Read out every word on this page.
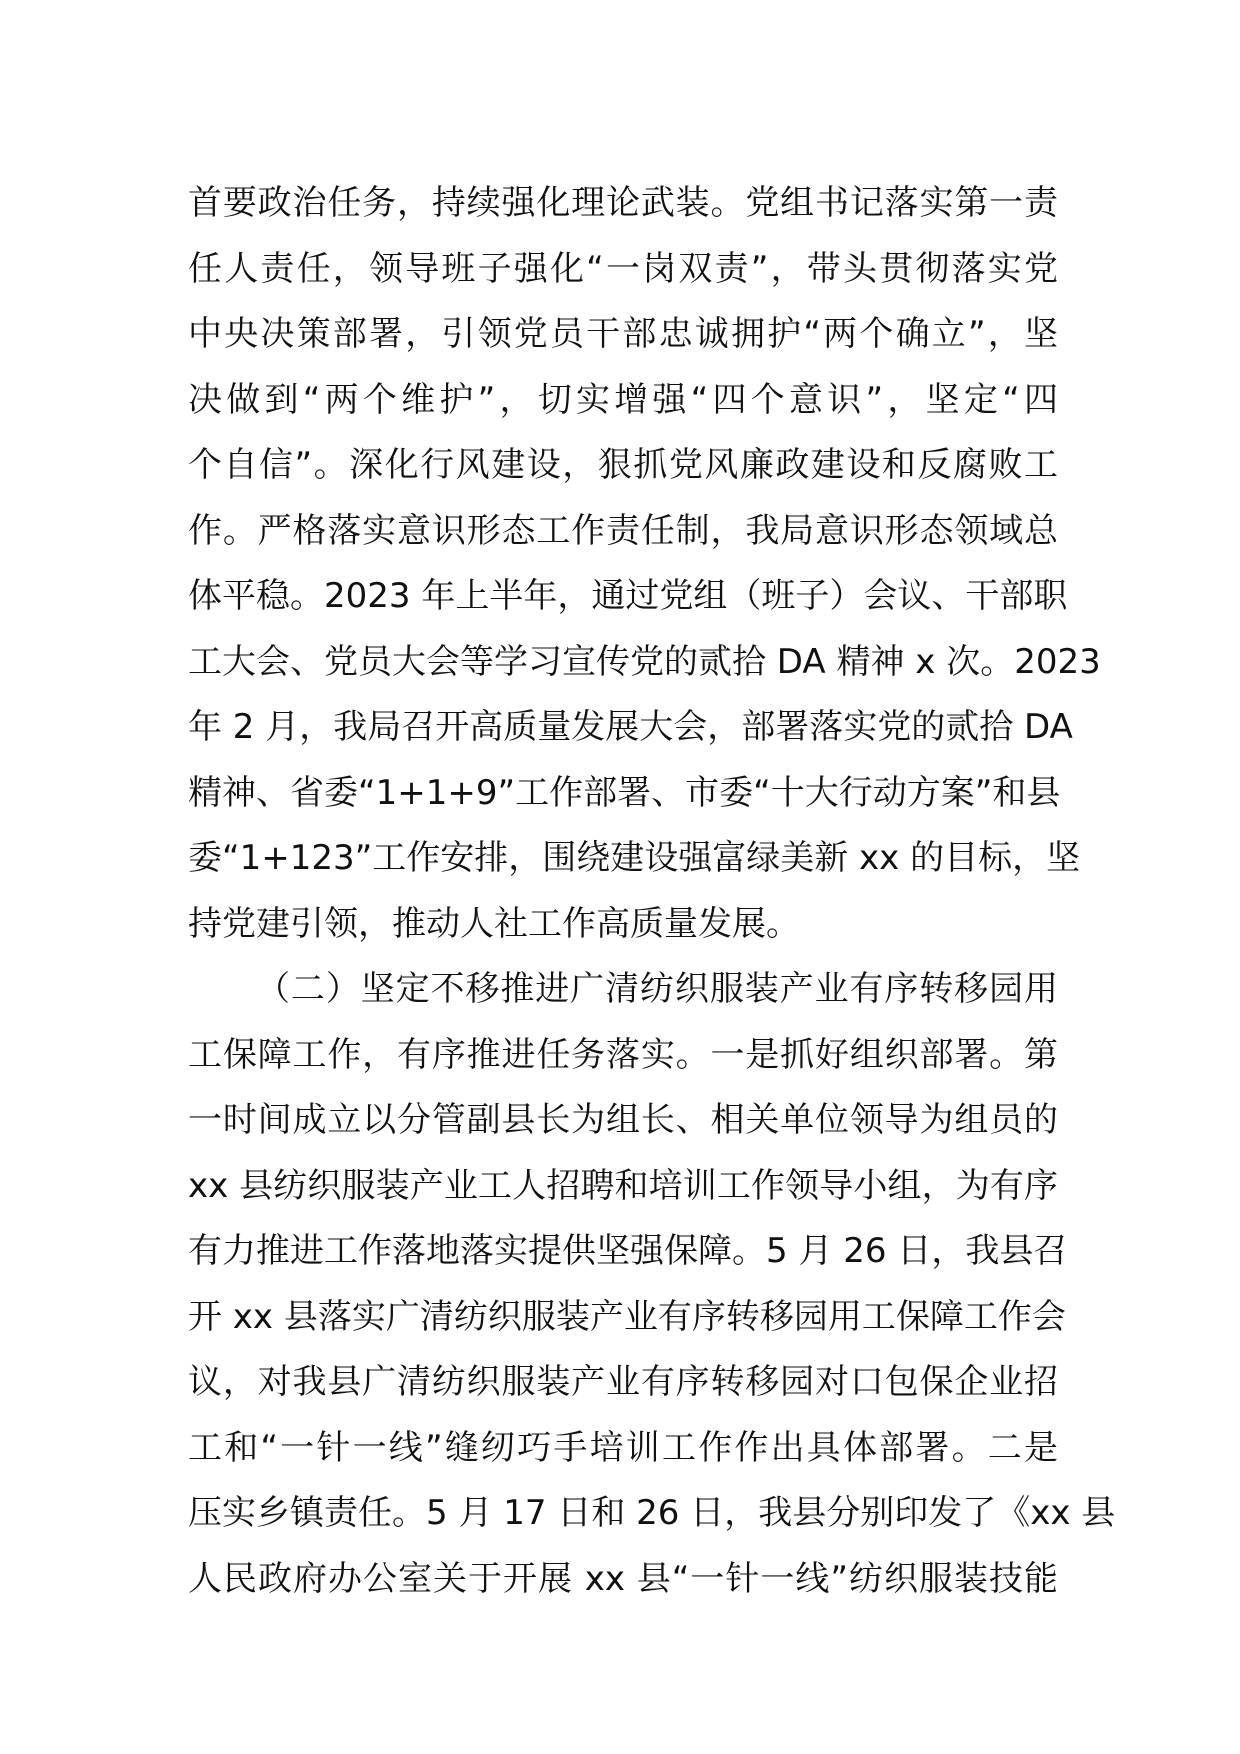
首要政治任务，持续强化理论武装。党组书记落实第一责
任人责任，领导班子强化“一岗双责”，带头贯彻落实党
中央决策部署，引领党员干部忠诚拥护“两个确立”，坚
决做到“两个维护”，切实增强“四个意识”，坚定“四
个自信”。深化行风建设，狠抓党风廉政建设和反腐败工
作。严格落实意识形态工作责任制，我局意识形态领域总
体平稳。2023 年上半年，通过党组（班子）会议、干部职
工大会、党员大会等学习宣传党的贰拾 DA 精神 x 次。2023
年 2 月，我局召开高质量发展大会，部署落实党的贰拾 DA
精神、省委“1+1+9”工作部署、市委“十大行动方案”和县
委“1+123”工作安排，围绕建设强富绿美新 xx 的目标，坚
持党建引领，推动人社工作高质量发展。
（二）坚定不移推进广清纺织服装产业有序转移园用
工保障工作，有序推进任务落实。一是抓好组织部署。第
一时间成立以分管副县长为组长、相关单位领导为组员的
xx 县纺织服装产业工人招聘和培训工作领导小组，为有序
有力推进工作落地落实提供坚强保障。5 月 26 日，我县召
开 xx 县落实广清纺织服装产业有序转移园用工保障工作会
议，对我县广清纺织服装产业有序转移园对口包保企业招
工和“一针一线”缝纫巧手培训工作作出具体部署。二是
压实乡镇责任。5 月 17 日和 26 日，我县分别印发了《xx 县
人民政府办公室关于开展 xx 县“一针一线”纺织服装技能
